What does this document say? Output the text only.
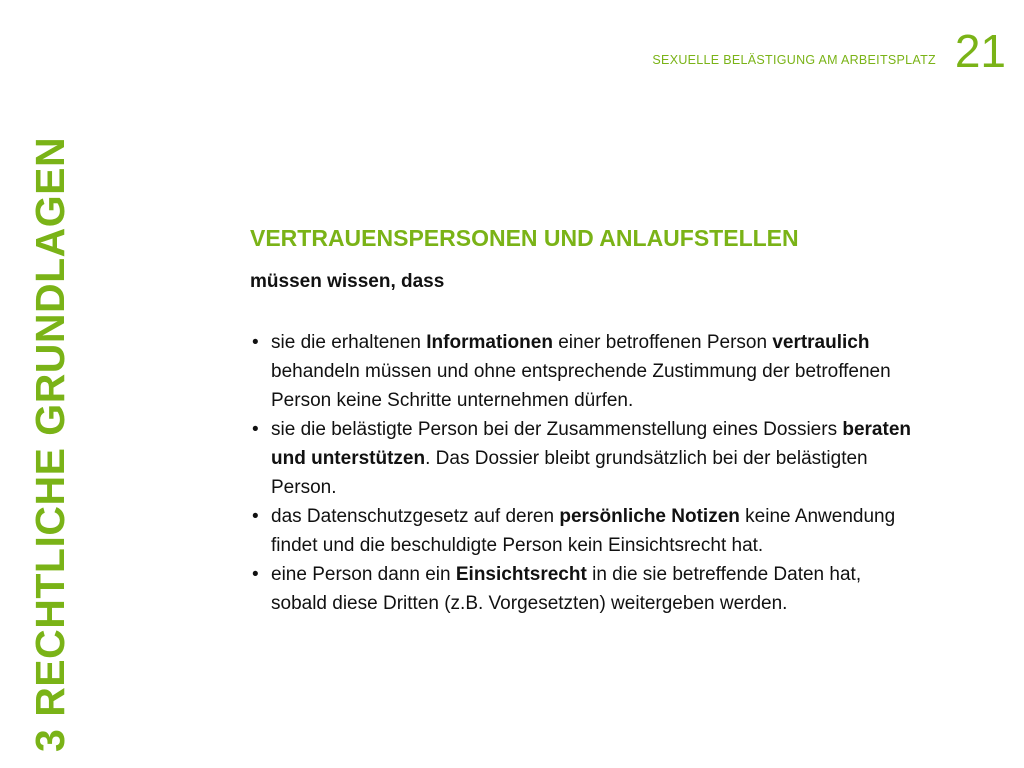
3 RECHTLICHE GRUNDLAGEN
SEXUELLE BELÄSTIGUNG AM ARBEITSPLATZ 21
VERTRAUENSPERSONEN UND ANLAUFSTELLEN

müssen wissen, dass

• sie die erhaltenen Informationen einer betroffenen Person vertraulich behandeln müssen und ohne entsprechende Zustimmung der betroffenen Person keine Schritte unternehmen dürfen.
• sie die belästigte Person bei der Zusammenstellung eines Dossiers beraten und unterstützen. Das Dossier bleibt grundsätzlich bei der belästigten Person.
• das Datenschutzgesetz auf deren persönliche Notizen keine Anwendung findet und die beschuldigte Person kein Einsichtsrecht hat.
• eine Person dann ein Einsichtsrecht in die sie betreffende Daten hat, sobald diese Dritten (z.B. Vorgesetzten) weitergeben werden.
